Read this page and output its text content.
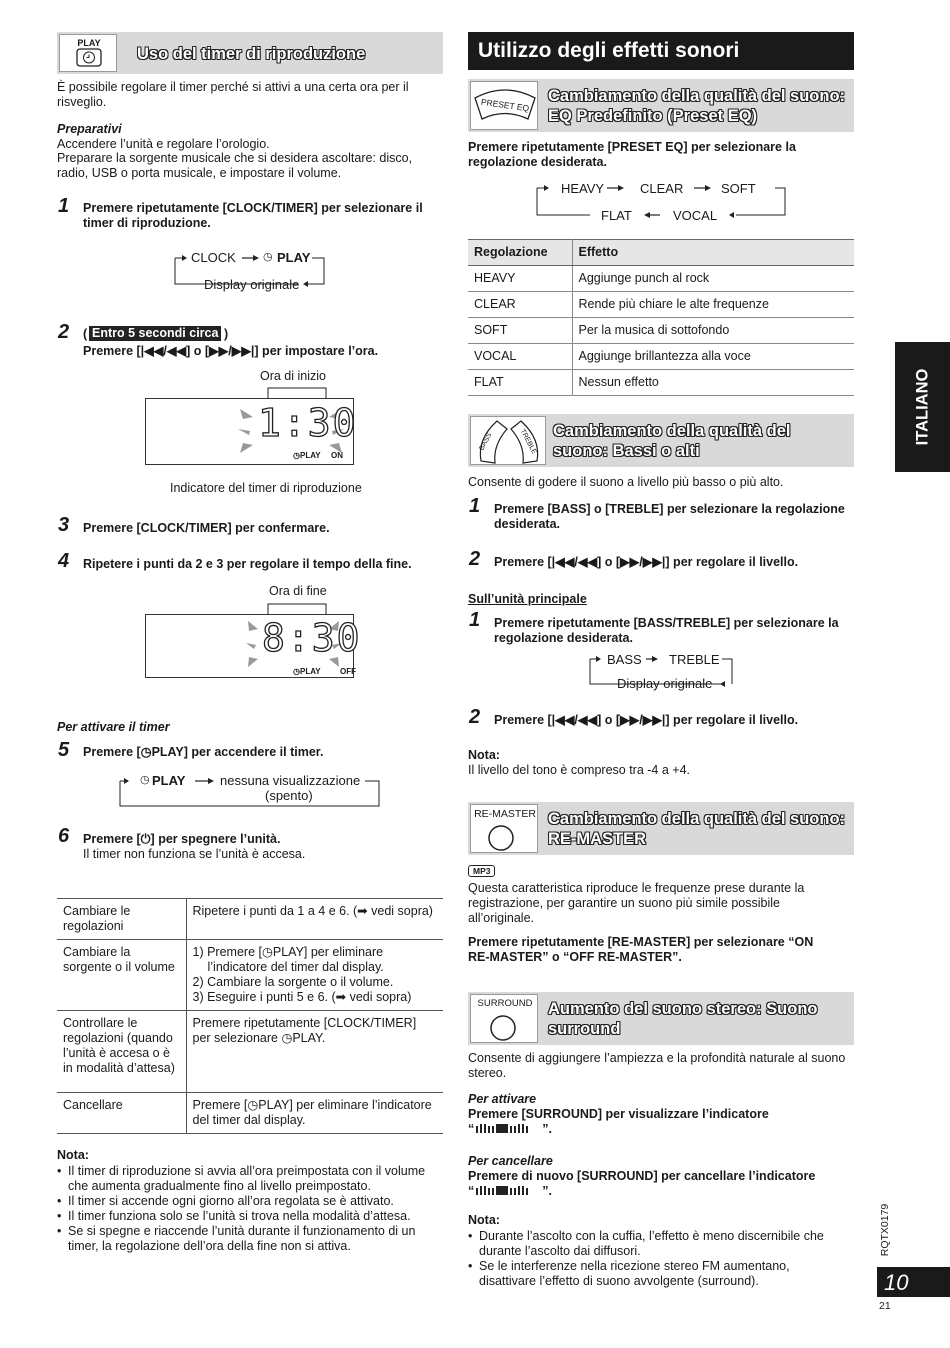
PLAY
Uso del timer di riproduzione
È possibile regolare il timer perché si attivi a una certa ora per il risveglio.
Preparativi
Accendere l’unità e regolare l’orologio.
Preparare la sorgente musicale che si desidera ascoltare: disco, radio, USB o porta musicale, e impostare il volume.
1 Premere ripetutamente [CLOCK/TIMER] per selezionare il timer di riproduzione.
CLOCK ◷ PLAY
Display originale
2 ( Entro 5 secondi circa )
Premere [|◀◀/◀◀] o [▶▶/▶▶|] per impostare l’ora.
Ora di inizio
1:30
◷PLAY ON
Indicatore del timer di riproduzione
3 Premere [CLOCK/TIMER] per confermare.
4 Ripetere i punti da 2 e 3 per regolare il tempo della fine.
Ora di fine
8:30
◷PLAY OFF
Per attivare il timer
5 Premere [◷PLAY] per accendere il timer.
◷ PLAY	nessuna visualizzazione
(spento)
6 Premere [⏻] per spegnere l’unità.
Il timer non funziona se l’unità è accesa.
Cambiare le regolazioni	Ripetere i punti da 1 a 4 e 6. (➡ vedi sopra)
Cambiare la sorgente o il volume	1) Premere [◷PLAY] per eliminare
l’indicatore del timer dal display.
2) Cambiare la sorgente o il volume.
3) Eseguire i punti 5 e 6. (➡ vedi sopra)

Controllare le regolazioni (quando l’unità è accesa o è in modalità d’attesa)	Premere ripetutamente [CLOCK/TIMER] per selezionare ◷PLAY.
Cancellare	Premere [◷PLAY] per eliminare l’indicatore del timer dal display.
Nota:
• Il timer di riproduzione si avvia all’ora preimpostata con il volume che aumenta gradualmente fino al livello preimpostato.
• Il timer si accende ogni giorno all’ora regolata se è attivato.
• Il timer funziona solo se l’unità si trova nella modalità d’attesa.
• Se si spegne e riaccende l’unità durante il funzionamento di un timer, la regolazione dell’ora della fine non si attiva.
Utilizzo degli effetti sonori
PRESET EQ
Cambiamento della qualità del suono:
EQ Predefinito (Preset EQ)
Premere ripetutamente [PRESET EQ] per selezionare la regolazione desiderata.
HEAVY	CLEAR	SOFT
FLAT	VOCAL
Regolazione	Effetto
HEAVY	Aggiunge punch al rock
CLEAR	Rende più chiare le alte frequenze
SOFT	Per la musica di sottofondo
VOCAL	Aggiunge brillantezza alla voce
FLAT	Nessun effetto
BASS	TREBLE Cambiamento della qualità del
suono: Bassi o alti
Consente di godere il suono a livello più basso o più alto.
1 Premere [BASS] o [TREBLE] per selezionare la regolazione desiderata.
2 Premere [|◀◀/◀◀] o [▶▶/▶▶|] per regolare il livello.
Sull’unità principale
1 Premere ripetutamente [BASS/TREBLE] per selezionare la regolazione desiderata.
BASS TREBLE
Display originale
2 Premere [|◀◀/◀◀] o [▶▶/▶▶|] per regolare il livello.
Nota:
Il livello del tono è compreso tra -4 a +4.
RE-MASTER Cambiamento della qualità del suono:
RE-MASTER
MP3
Questa caratteristica riproduce le frequenze prese durante la registrazione, per garantire un suono più simile possibile all’originale.
Premere ripetutamente [RE-MASTER] per selezionare “ON RE-MASTER” o “OFF RE-MASTER”.
SURROUND Aumento del suono stereo: Suono
surround
Consente di aggiungere l’ampiezza e la profondità naturale al suono stereo.
Per attivare
Premere [SURROUND] per visualizzare l’indicatore
“	”.
Per cancellare
Premere di nuovo [SURROUND] per cancellare l’indicatore
“	”.
Nota:
• Durante l’ascolto con la cuffia, l’effetto è meno discernibile che durante l’ascolto dai diffusori.
• Se le interferenze nella ricezione stereo FM aumentano, disattivare l’effetto di suono avvolgente (surround).
ITALIANO
RQTX0179
10
21
